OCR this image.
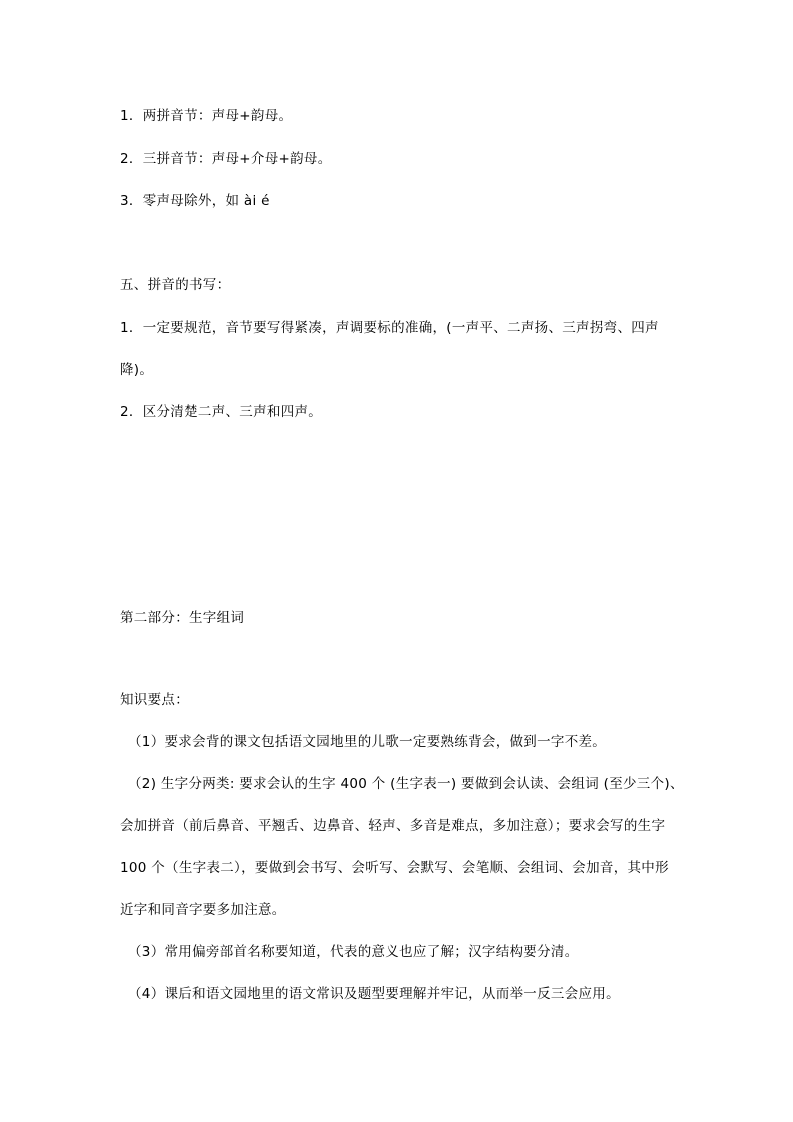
1．两拼音节：声母+韵母。
2．三拼音节：声母+介母+韵母。
3．零声母除外，如 ài é
五、拼音的书写：
1．一定要规范，音节要写得紧凑，声调要标的准确，(一声平、二声扬、三声拐弯、四声
降)。
2．区分清楚二声、三声和四声。
第二部分：生字组词
知识要点：
（1）要求会背的课文包括语文园地里的儿歌一定要熟练背会，做到一字不差。
（2) 生字分两类: 要求会认的生字 400 个 (生字表一) 要做到会认读、会组词 (至少三个)、
会加拼音（前后鼻音、平翘舌、边鼻音、轻声、多音是难点，多加注意）；要求会写的生字
100 个（生字表二），要做到会书写、会听写、会默写、会笔顺、会组词、会加音，其中形
近字和同音字要多加注意。
（3）常用偏旁部首名称要知道，代表的意义也应了解；汉字结构要分清。
（4）课后和语文园地里的语文常识及题型要理解并牢记，从而举一反三会应用。
